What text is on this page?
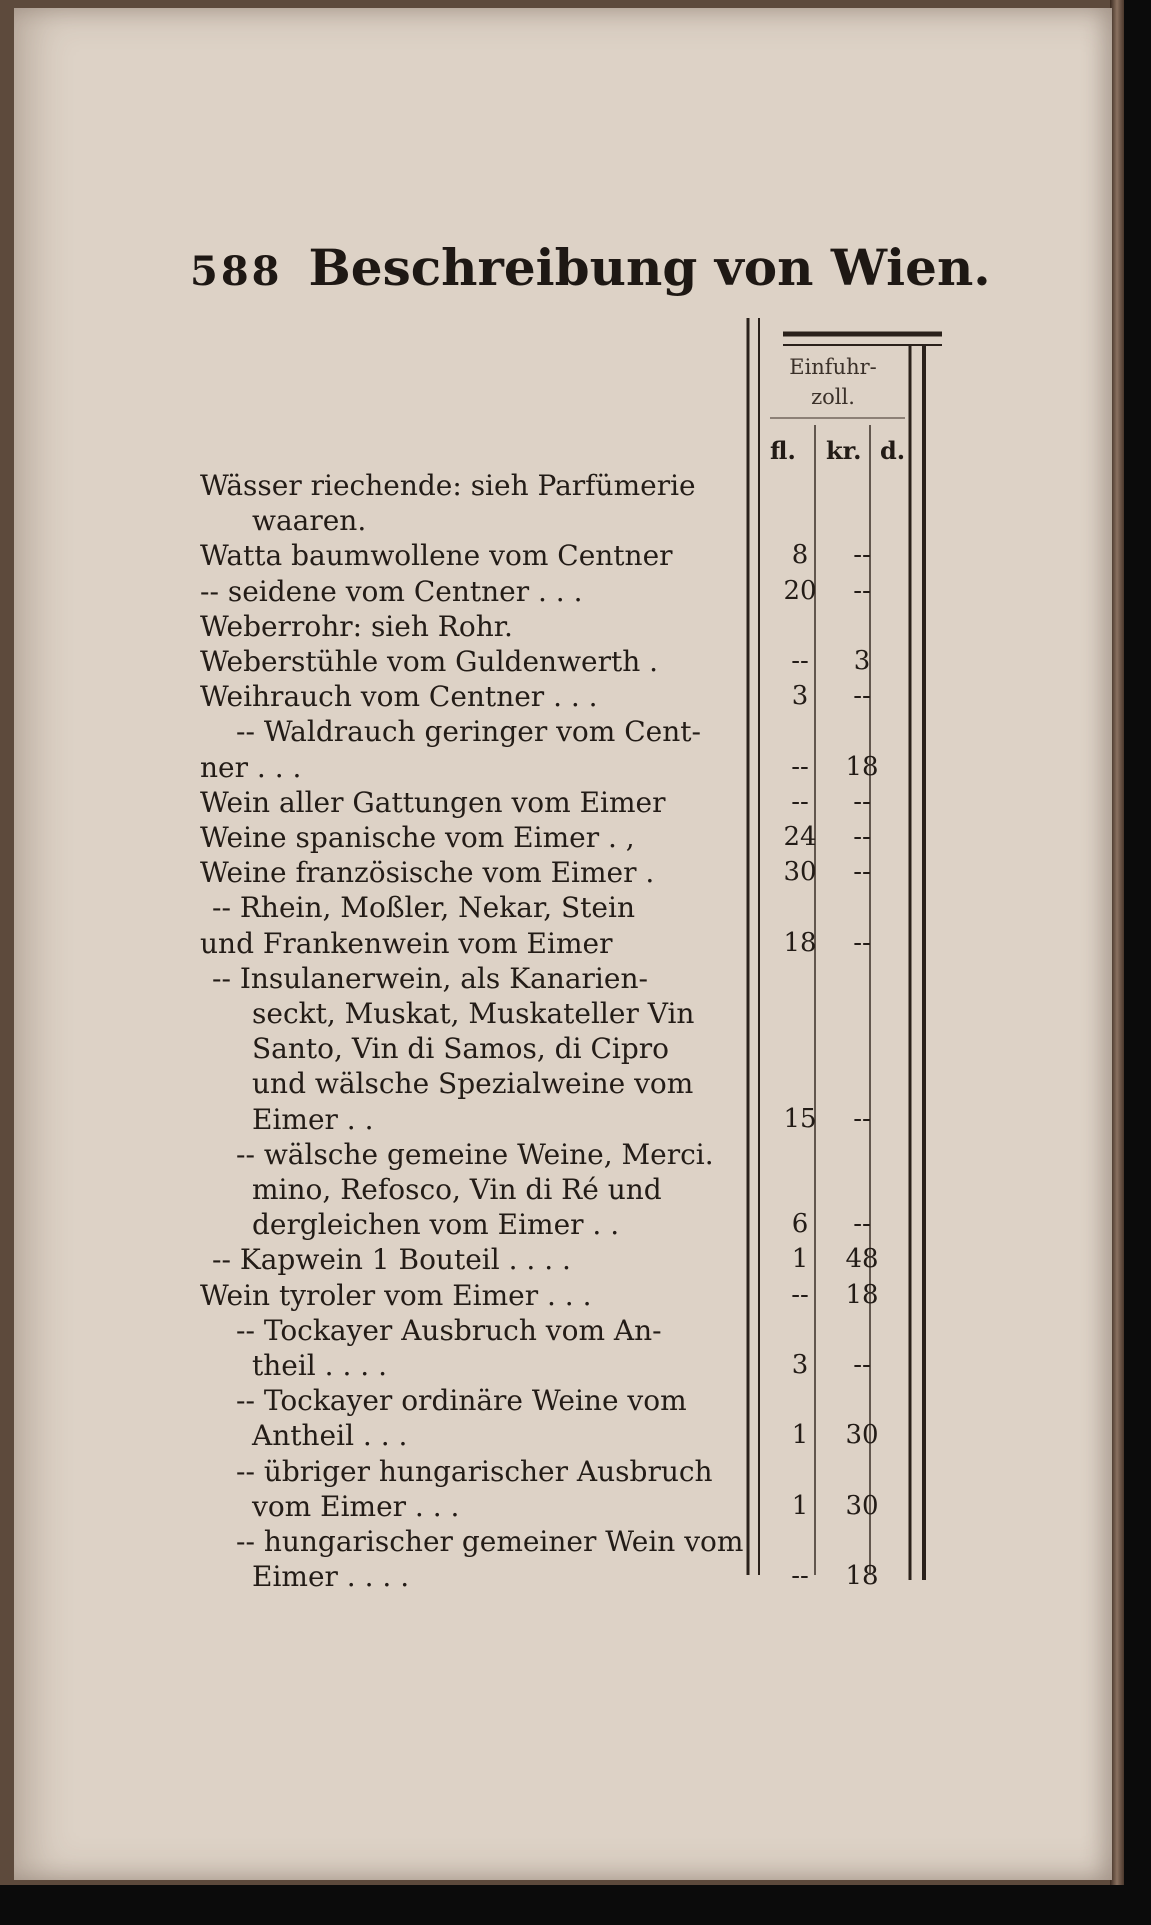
588 Beschreibung von Wien.
Einfuhr-
zoll.
fl. kr. d.
Wässer riechende: sieh Parfümerie
waaren.
Watta baumwollene vom Centner	8	--
-- seidene vom Centner . . .	20	--
Weberrohr: sieh Rohr.
Weberstühle vom Guldenwerth .	--	3
Weihrauch vom Centner . . .	3	--
-- Waldrauch geringer vom Cent-
ner . . .	--	18
Wein aller Gattungen vom Eimer	--	--
Weine spanische vom Eimer . ,	24	--
Weine französische vom Eimer .	30	--
-- Rhein, Moßler, Nekar, Stein
und Frankenwein vom Eimer	18	--
-- Insulanerwein, als Kanarien-
seckt, Muskat, Muskateller Vin
Santo, Vin di Samos, di Cipro
und wälsche Spezialweine vom
Eimer . .	15	--
-- wälsche gemeine Weine, Merci.
mino, Refosco, Vin di Ré und
dergleichen vom Eimer . .	6	--
-- Kapwein 1 Bouteil . . . .	1	48
Wein tyroler vom Eimer . . .	--	18
-- Tockayer Ausbruch vom An-
theil . . . .	3	--
-- Tockayer ordinäre Weine vom
Antheil . . .	1	30
-- übriger hungarischer Ausbruch
vom Eimer . . .	1	30
-- hungarischer gemeiner Wein vom
Eimer . . . .	--	18
